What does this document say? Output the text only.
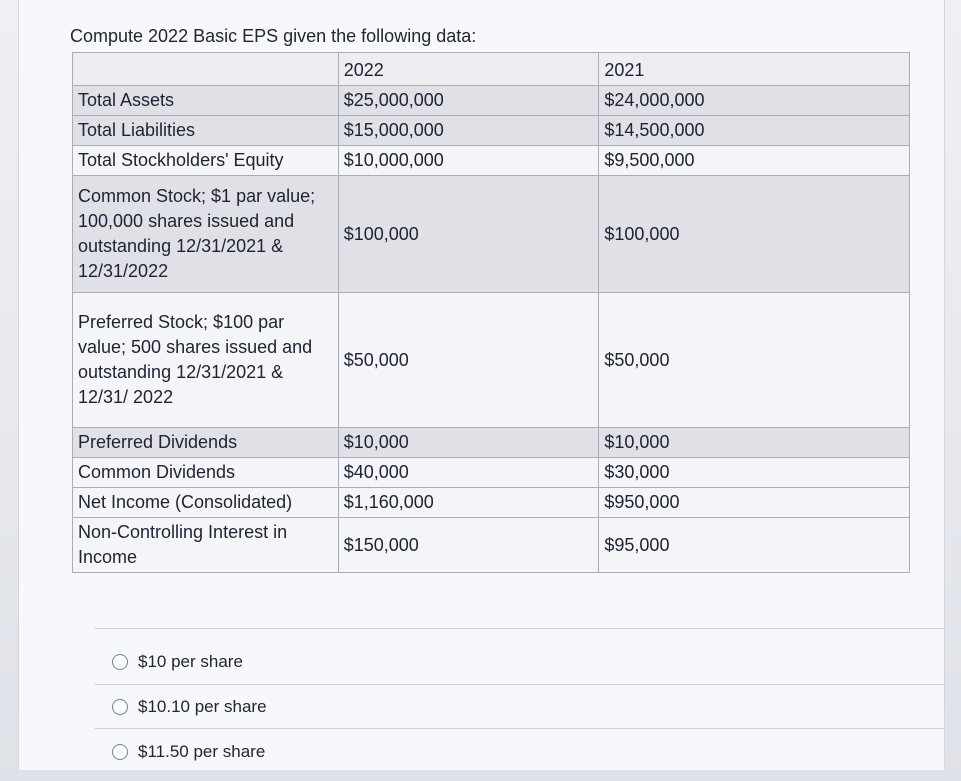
Compute 2022 Basic EPS given the following data:
	2022	2021
Total Assets	$25,000,000	$24,000,000
Total Liabilities	$15,000,000	$14,500,000
Total Stockholders' Equity	$10,000,000	$9,500,000
Common Stock; $1 par value; 100,000 shares issued and outstanding 12/31/2021 & 12/31/2022	$100,000	$100,000
Preferred Stock; $100 par value; 500 shares issued and outstanding 12/31/2021 & 12/31/ 2022	$50,000	$50,000
Preferred Dividends	$10,000	$10,000
Common Dividends	$40,000	$30,000
Net Income (Consolidated)	$1,160,000	$950,000
Non-Controlling Interest in Income	$150,000	$95,000
$10 per share
$10.10 per share
$11.50 per share
